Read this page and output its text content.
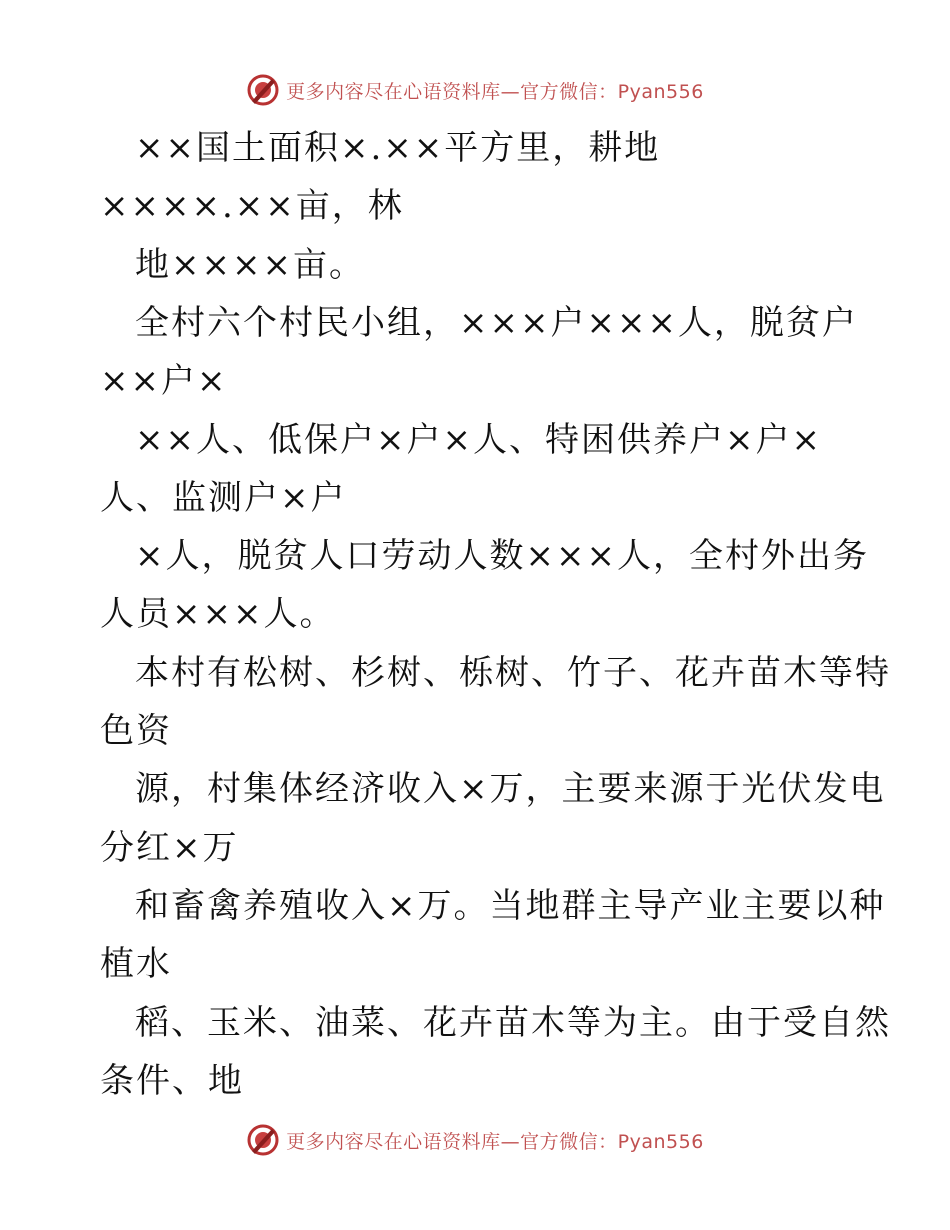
更多内容尽在心语资料库—官方微信：Pyan556
××国土面积×.××平方里，耕地
××××.××亩，林
地××××亩。
全村六个村民小组，×××户×××人，脱贫户
××户×
××人、低保户×户×人、特困供养户×户×
人、监测户×户
×人，脱贫人口劳动人数×××人，全村外出务
人员×××人。
本村有松树、杉树、栎树、竹子、花卉苗木等特
色资
源，村集体经济收入×万，主要来源于光伏发电
分红×万
和畜禽养殖收入×万。当地群主导产业主要以种
植水
稻、玉米、油菜、花卉苗木等为主。由于受自然
条件、地
更多内容尽在心语资料库—官方微信：Pyan556
